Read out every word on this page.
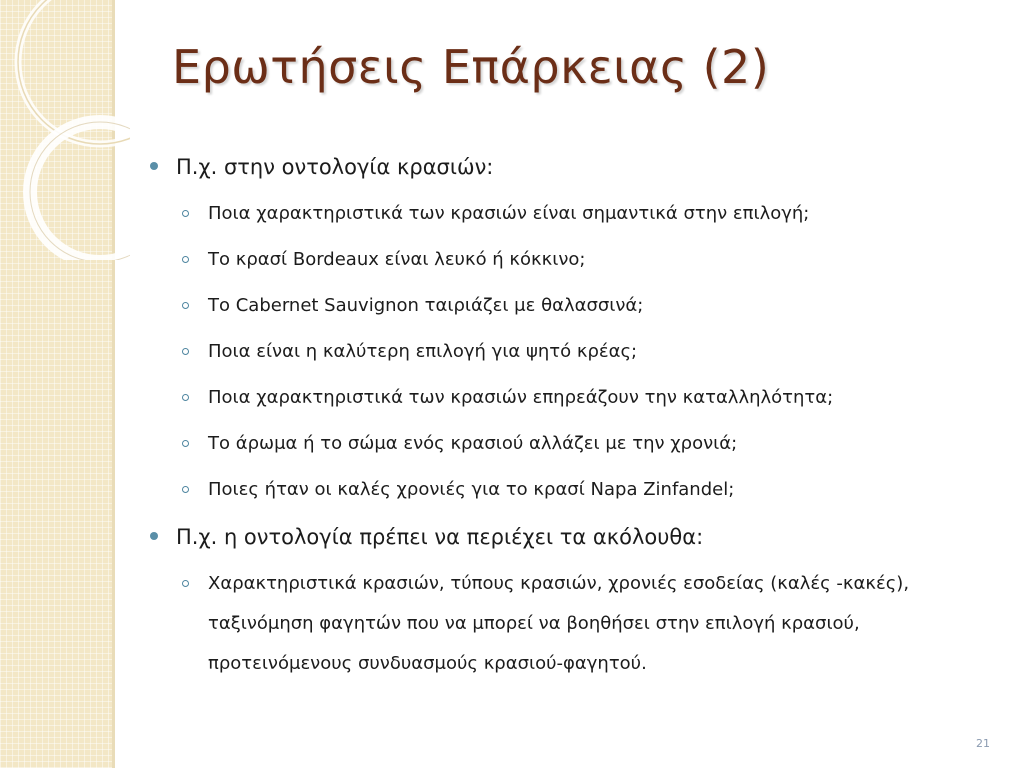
Ερωτήσεις Επάρκειας (2)
Π.χ. στην οντολογία κρασιών:
Ποια χαρακτηριστικά των κρασιών είναι σημαντικά στην επιλογή;
Το κρασί Bordeaux είναι λευκό ή κόκκινο;
Το Cabernet Sauvignon ταιριάζει με θαλασσινά;
Ποια είναι η καλύτερη επιλογή για ψητό κρέας;
Ποια χαρακτηριστικά των κρασιών επηρεάζουν την καταλληλότητα;
Το άρωμα ή το σώμα ενός κρασιού αλλάζει με την χρονιά;
Ποιες ήταν οι καλές χρονιές για το κρασί Napa Zinfandel;
Π.χ. η οντολογία πρέπει να περιέχει τα ακόλουθα:
Χαρακτηριστικά κρασιών, τύπους κρασιών, χρονιές εσοδείας (καλές -κακές), ταξινόμηση φαγητών που να μπορεί να βοηθήσει στην επιλογή κρασιού, προτεινόμενους συνδυασμούς κρασιού-φαγητού.
21
